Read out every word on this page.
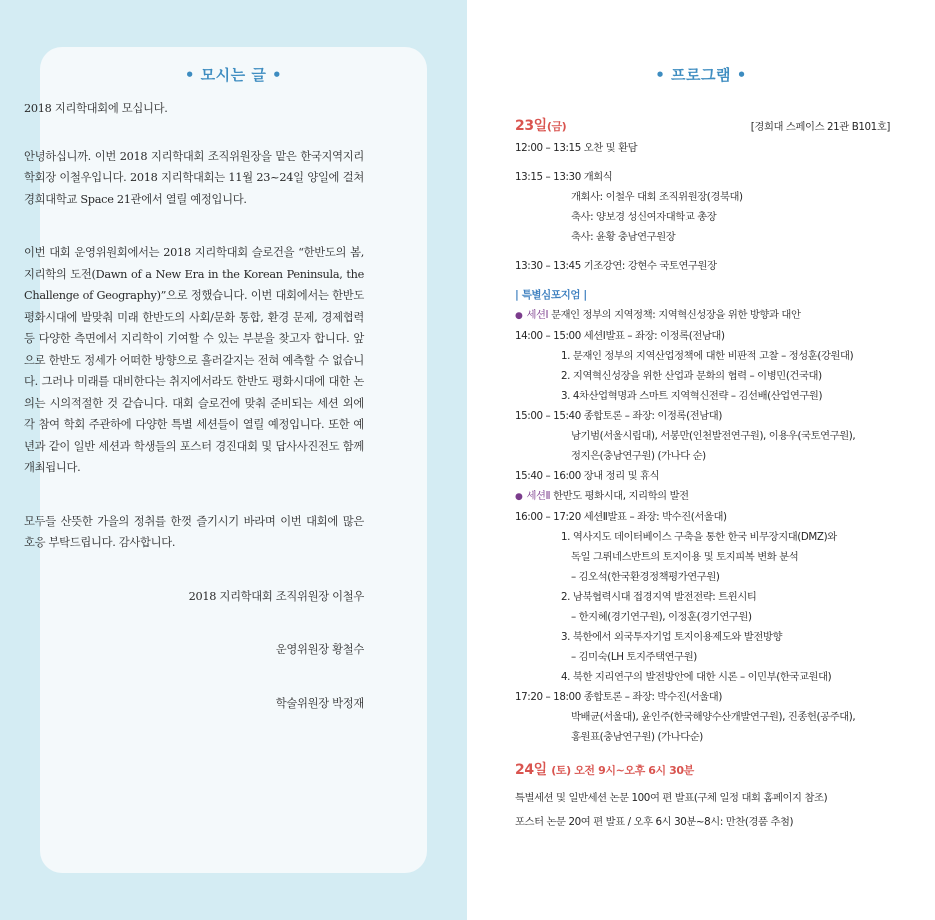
• 모시는 글 •

2018 지리학대회에 모십니다.

안녕하십니까. 이번 2018 지리학대회 조직위원장을 맡은 한국지역지리학회장 이철우입니다. 2018 지리학대회는 11월 23~24일 양일에 걸쳐 경희대학교 Space 21관에서 열릴 예정입니다.

이번 대회 운영위원회에서는 2018 지리학대회 슬로건을 “한반도의 봄, 지리학의 도전(Dawn of a New Era in the Korean Peninsula, the Challenge of Geography)”으로 정했습니다. 이번 대회에서는 한반도 평화시대에 발맞춰 미래 한반도의 사회/문화 통합, 환경 문제, 경제협력 등 다양한 측면에서 지리학이 기여할 수 있는 부분을 찾고자 합니다. 앞으로 한반도 정세가 어떠한 방향으로 흘러갈지는 전혀 예측할 수 없습니다. 그러나 미래를 대비한다는 취지에서라도 한반도 평화시대에 대한 논의는 시의적절한 것 같습니다. 대회 슬로건에 맞춰 준비되는 세션 외에 각 참여 학회 주관하에 다양한 특별 세션들이 열릴 예정입니다. 또한 예년과 같이 일반 세션과 학생들의 포스터 경진대회 및 답사사진전도 함께 개최됩니다.

모두들 산뜻한 가을의 정취를 한껏 즐기시기 바라며 이번 대회에 많은 호응 부탁드립니다. 감사합니다.

2018 지리학대회 조직위원장 이철우

운영위원장 황철수

학술위원장 박정재

• 프로그램 •
23일(금)	[경희대 스페이스 21관 B101호]
12:00 – 13:15 오찬 및 환담
13:15 – 13:30 개회식
개회사: 이철우 대회 조직위원장(경북대)
축사: 양보경 성신여자대학교 총장
축사: 윤황 충남연구원장
13:30 – 13:45 기조강연: 강현수 국토연구원장
| 특별심포지엄 |
● 세션Ⅰ 문재인 정부의 지역정책: 지역혁신성장을 위한 방향과 대안
14:00 – 15:00 세션Ⅰ발표 – 좌장: 이정록(전남대)
1. 문재인 정부의 지역산업정책에 대한 비판적 고찰 – 정성훈(강원대)
2. 지역혁신성장을 위한 산업과 문화의 협력 – 이병민(건국대)
3. 4차산업혁명과 스마트 지역혁신전략 – 김선배(산업연구원)
15:00 – 15:40 종합토론 – 좌장: 이정록(전남대)
남기범(서울시립대), 서봉만(인천발전연구원), 이용우(국토연구원),
정지은(충남연구원) (가나다 순)
15:40 – 16:00 장내 정리 및 휴식
● 세션Ⅱ 한반도 평화시대, 지리학의 발전
16:00 – 17:20 세션Ⅱ발표 – 좌장: 박수진(서울대)
1. 역사지도 데이터베이스 구축을 통한 한국 비무장지대(DMZ)와
독일 그뤼네스반트의 토지이용 및 토지피복 변화 분석
– 김오석(한국환경정책평가연구원)
2. 남북협력시대 접경지역 발전전략: 트윈시티
– 한지혜(경기연구원), 이정훈(경기연구원)
3. 북한에서 외국투자기업 토지이용제도와 발전방향
– 김미숙(LH 토지주택연구원)
4. 북한 지리연구의 발전방안에 대한 시론 – 이민부(한국교원대)
17:20 – 18:00 종합토론 – 좌장: 박수진(서울대)
박배균(서울대), 윤인주(한국해양수산개발연구원), 진종헌(공주대),
홍원표(충남연구원) (가나다순)
24일 (토) 오전 9시~오후 6시 30분
특별세션 및 일반세션 논문 100여 편 발표(구체 일정 대회 홈페이지 참조)
포스터 논문 20여 편 발표 / 오후 6시 30분~8시: 만찬(경품 추첨)
